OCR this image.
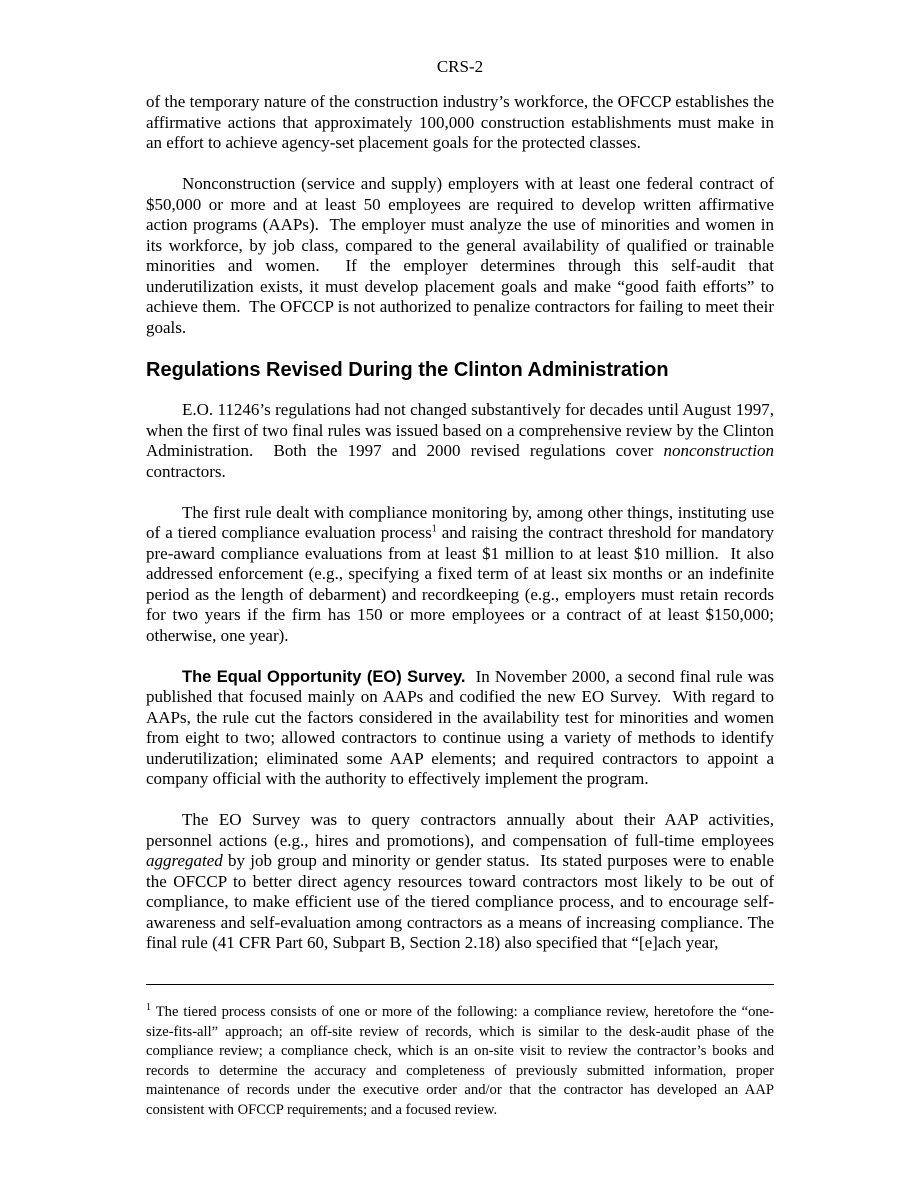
CRS-2

of the temporary nature of the construction industry’s workforce, the OFCCP establishes the affirmative actions that approximately 100,000 construction establishments must make in an effort to achieve agency-set placement goals for the protected classes.

Nonconstruction (service and supply) employers with at least one federal contract of $50,000 or more and at least 50 employees are required to develop written affirmative action programs (AAPs).  The employer must analyze the use of minorities and women in its workforce, by job class, compared to the general availability of qualified or trainable minorities and women.  If the employer determines through this self-audit that underutilization exists, it must develop placement goals and make “good faith efforts” to achieve them.  The OFCCP is not authorized to penalize contractors for failing to meet their goals.

Regulations Revised During the Clinton Administration

E.O. 11246’s regulations had not changed substantively for decades until August 1997, when the first of two final rules was issued based on a comprehensive review by the Clinton Administration.  Both the 1997 and 2000 revised regulations cover nonconstruction contractors.

The first rule dealt with compliance monitoring by, among other things, instituting use of a tiered compliance evaluation process$^1$ and raising the contract threshold for mandatory pre-award compliance evaluations from at least $1 million to at least $10 million.  It also addressed enforcement (e.g., specifying a fixed term of at least six months or an indefinite period as the length of debarment) and recordkeeping (e.g., employers must retain records for two years if the firm has 150 or more employees or a contract of at least $150,000; otherwise, one year).

The Equal Opportunity (EO) Survey.  In November 2000, a second final rule was published that focused mainly on AAPs and codified the new EO Survey.  With regard to AAPs, the rule cut the factors considered in the availability test for minorities and women from eight to two; allowed contractors to continue using a variety of methods to identify underutilization; eliminated some AAP elements; and required contractors to appoint a company official with the authority to effectively implement the program.

The EO Survey was to query contractors annually about their AAP activities, personnel actions (e.g., hires and promotions), and compensation of full-time employees aggregated by job group and minority or gender status.  Its stated purposes were to enable the OFCCP to better direct agency resources toward contractors most likely to be out of compliance, to make efficient use of the tiered compliance process, and to encourage self-awareness and self-evaluation among contractors as a means of increasing compliance. The final rule (41 CFR Part 60, Subpart B, Section 2.18) also specified that “[e]ach year,

$^1$ The tiered process consists of one or more of the following: a compliance review, heretofore the “one-size-fits-all” approach; an off-site review of records, which is similar to the desk-audit phase of the compliance review; a compliance check, which is an on-site visit to review the contractor’s books and records to determine the accuracy and completeness of previously submitted information, proper maintenance of records under the executive order and/or that the contractor has developed an AAP consistent with OFCCP requirements; and a focused review.
